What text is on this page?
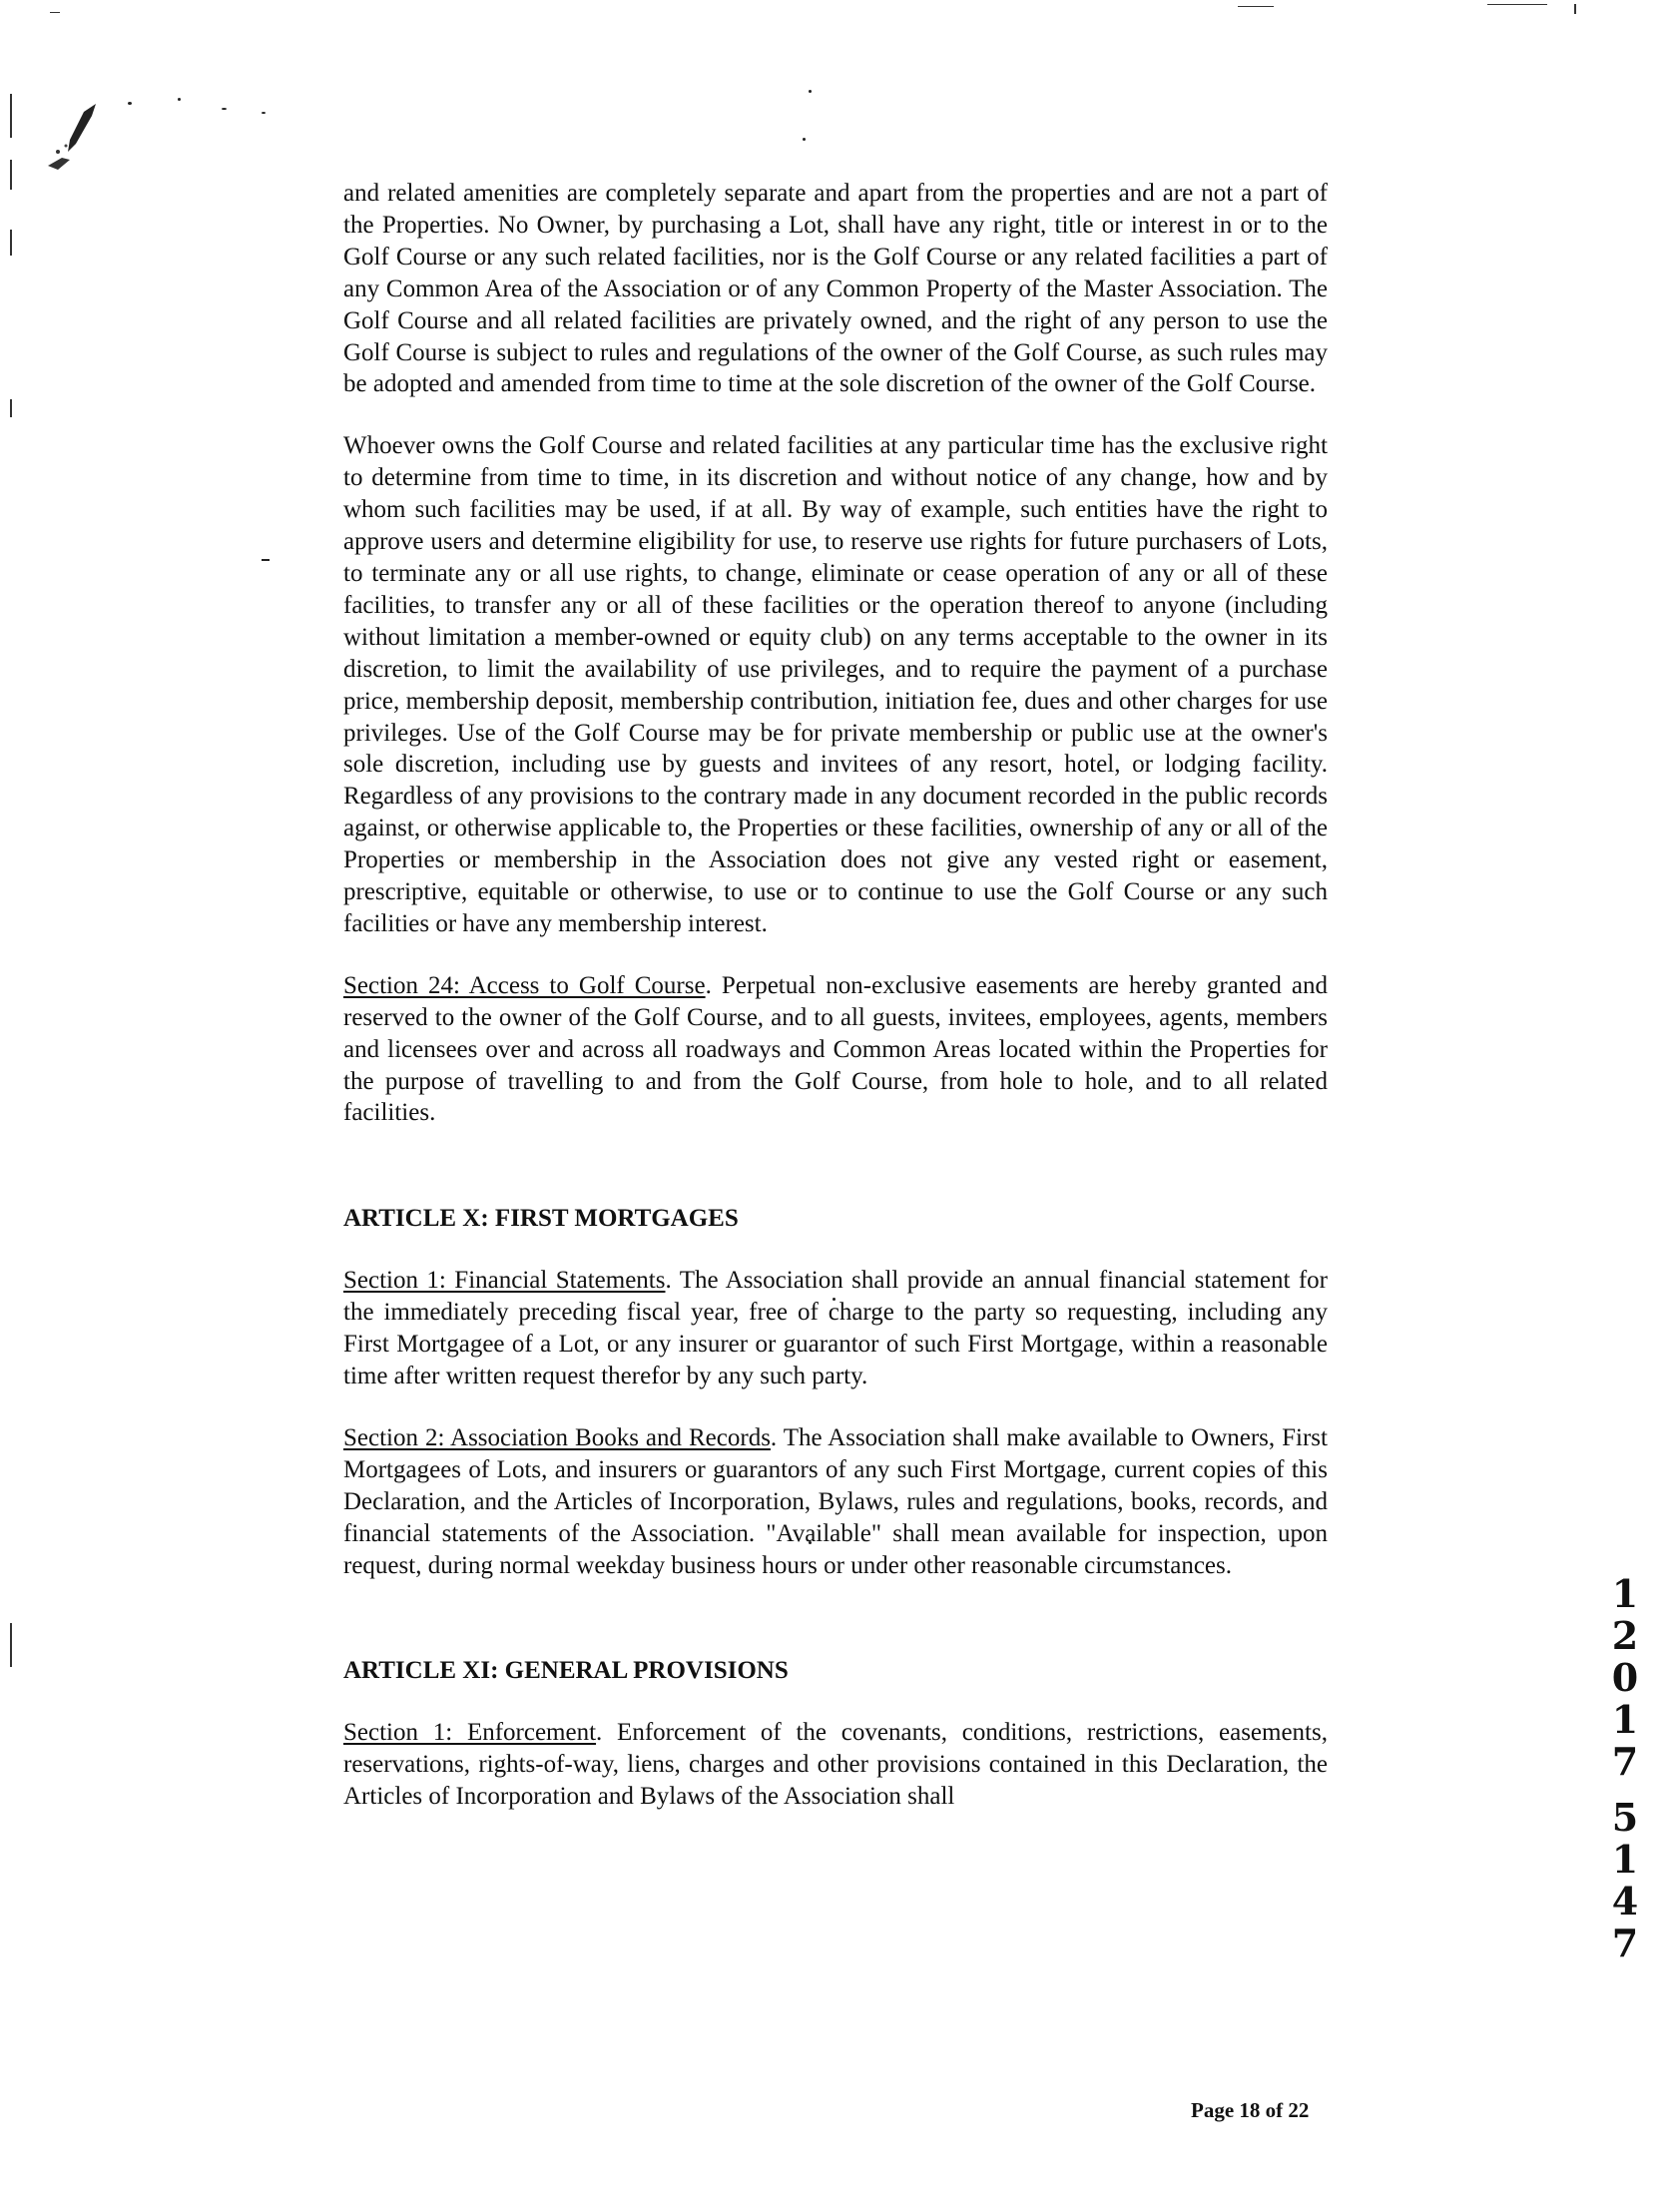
and related amenities are completely separate and apart from the properties and are not a part of the Properties. No Owner, by purchasing a Lot, shall have any right, title or interest in or to the Golf Course or any such related facilities, nor is the Golf Course or any related facilities a part of any Common Area of the Association or of any Common Property of the Master Association. The Golf Course and all related facilities are privately owned, and the right of any person to use the Golf Course is subject to rules and regulations of the owner of the Golf Course, as such rules may be adopted and amended from time to time at the sole discretion of the owner of the Golf Course.

Whoever owns the Golf Course and related facilities at any particular time has the exclusive right to determine from time to time, in its discretion and without notice of any change, how and by whom such facilities may be used, if at all. By way of example, such entities have the right to approve users and determine eligibility for use, to reserve use rights for future purchasers of Lots, to terminate any or all use rights, to change, eliminate or cease operation of any or all of these facilities, to transfer any or all of these facilities or the operation thereof to anyone (including without limitation a member-owned or equity club) on any terms acceptable to the owner in its discretion, to limit the availability of use privileges, and to require the payment of a purchase price, membership deposit, membership contribution, initiation fee, dues and other charges for use privileges. Use of the Golf Course may be for private membership or public use at the owner's sole discretion, including use by guests and invitees of any resort, hotel, or lodging facility. Regardless of any provisions to the contrary made in any document recorded in the public records against, or otherwise applicable to, the Properties or these facilities, ownership of any or all of the Properties or membership in the Association does not give any vested right or easement, prescriptive, equitable or otherwise, to use or to continue to use the Golf Course or any such facilities or have any membership interest.

Section 24: Access to Golf Course. Perpetual non-exclusive easements are hereby granted and reserved to the owner of the Golf Course, and to all guests, invitees, employees, agents, members and licensees over and across all roadways and Common Areas located within the Properties for the purpose of travelling to and from the Golf Course, from hole to hole, and to all related facilities.

ARTICLE X: FIRST MORTGAGES

Section 1: Financial Statements. The Association shall provide an annual financial statement for the immediately preceding fiscal year, free of charge to the party so requesting, including any First Mortgagee of a Lot, or any insurer or guarantor of such First Mortgage, within a reasonable time after written request therefor by any such party.

Section 2: Association Books and Records. The Association shall make available to Owners, First Mortgagees of Lots, and insurers or guarantors of any such First Mortgage, current copies of this Declaration, and the Articles of Incorporation, Bylaws, rules and regulations, books, records, and financial statements of the Association. "Available" shall mean available for inspection, upon request, during normal weekday business hours or under other reasonable circumstances.

ARTICLE XI: GENERAL PROVISIONS

Section 1: Enforcement. Enforcement of the covenants, conditions, restrictions, easements, reservations, rights-of-way, liens, charges and other provisions contained in this Declaration, the Articles of Incorporation and Bylaws of the Association shall

1
2
0
1
7
5
1
4
7
Page 18 of 22
